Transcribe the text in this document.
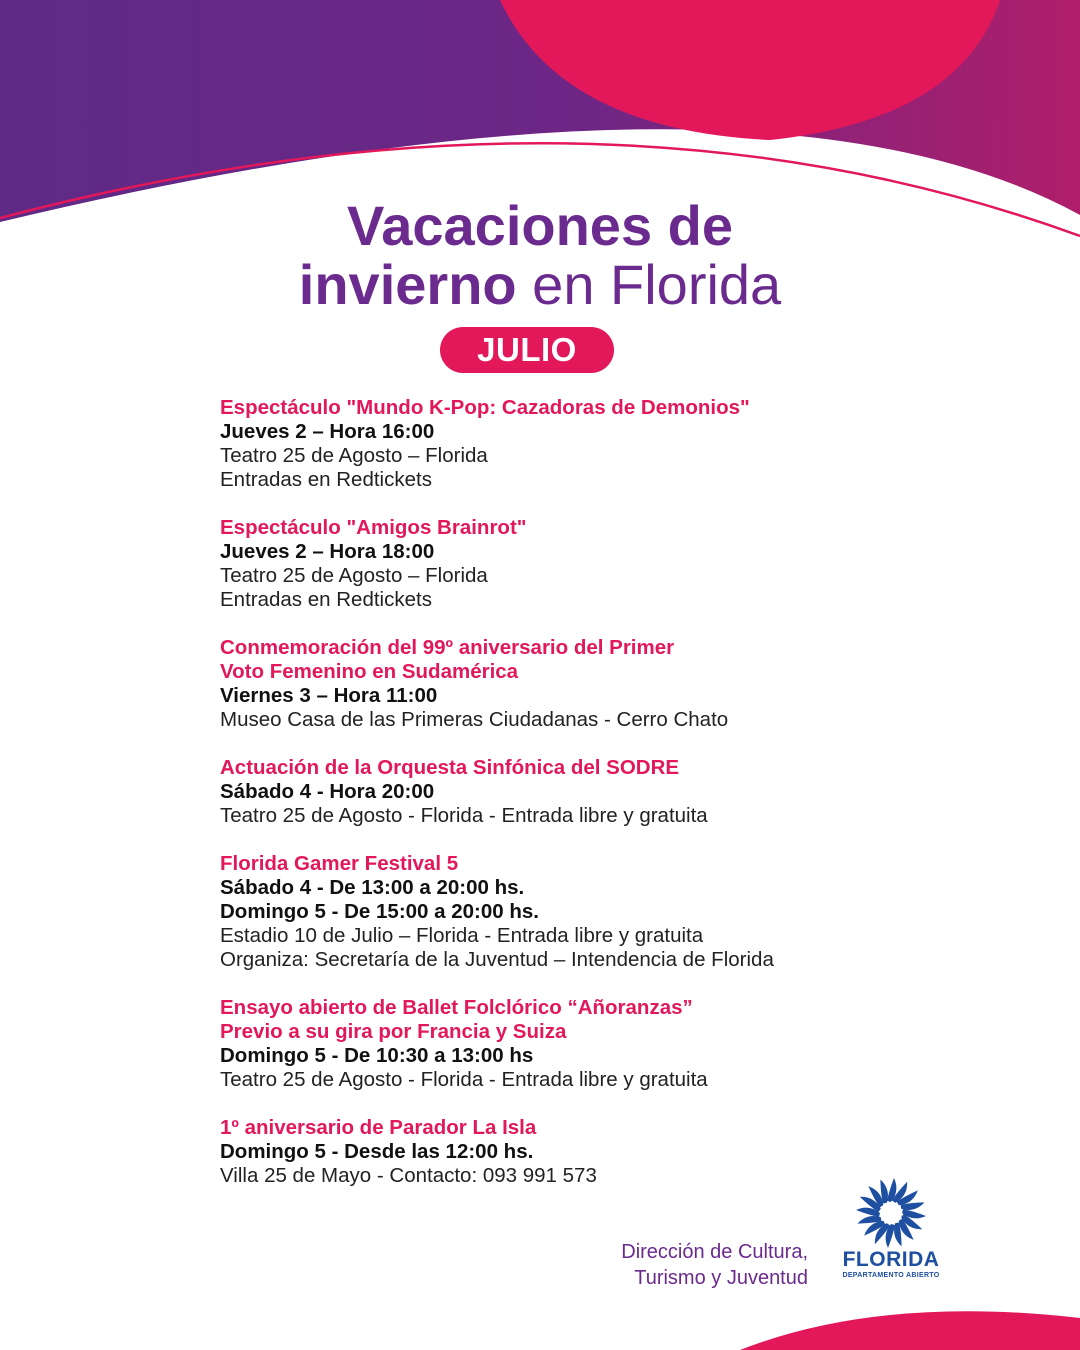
Vacaciones de
invierno en Florida
JULIO
Espectáculo "Mundo K-Pop: Cazadoras de Demonios"
Jueves 2 – Hora 16:00
Teatro 25 de Agosto – Florida
Entradas en Redtickets
Espectáculo "Amigos Brainrot"
Jueves 2 – Hora 18:00
Teatro 25 de Agosto – Florida
Entradas en Redtickets
Conmemoración del 99º aniversario del Primer
Voto Femenino en Sudamérica
Viernes 3 – Hora 11:00
Museo Casa de las Primeras Ciudadanas - Cerro Chato
Actuación de la Orquesta Sinfónica del SODRE
Sábado 4 - Hora 20:00
Teatro 25 de Agosto - Florida - Entrada libre y gratuita
Florida Gamer Festival 5
Sábado 4 - De 13:00 a 20:00 hs.
Domingo 5 - De 15:00 a 20:00 hs.
Estadio 10 de Julio – Florida - Entrada libre y gratuita
Organiza: Secretaría de la Juventud – Intendencia de Florida
Ensayo abierto de Ballet Folclórico “Añoranzas”
Previo a su gira por Francia y Suiza
Domingo 5 - De 10:30 a 13:00 hs
Teatro 25 de Agosto - Florida - Entrada libre y gratuita
1º aniversario de Parador La Isla
Domingo 5 - Desde las 12:00 hs.
Villa 25 de Mayo - Contacto: 093 991 573
Dirección de Cultura,
Turismo y Juventud
FLORIDA
DEPARTAMENTO ABIERTO
